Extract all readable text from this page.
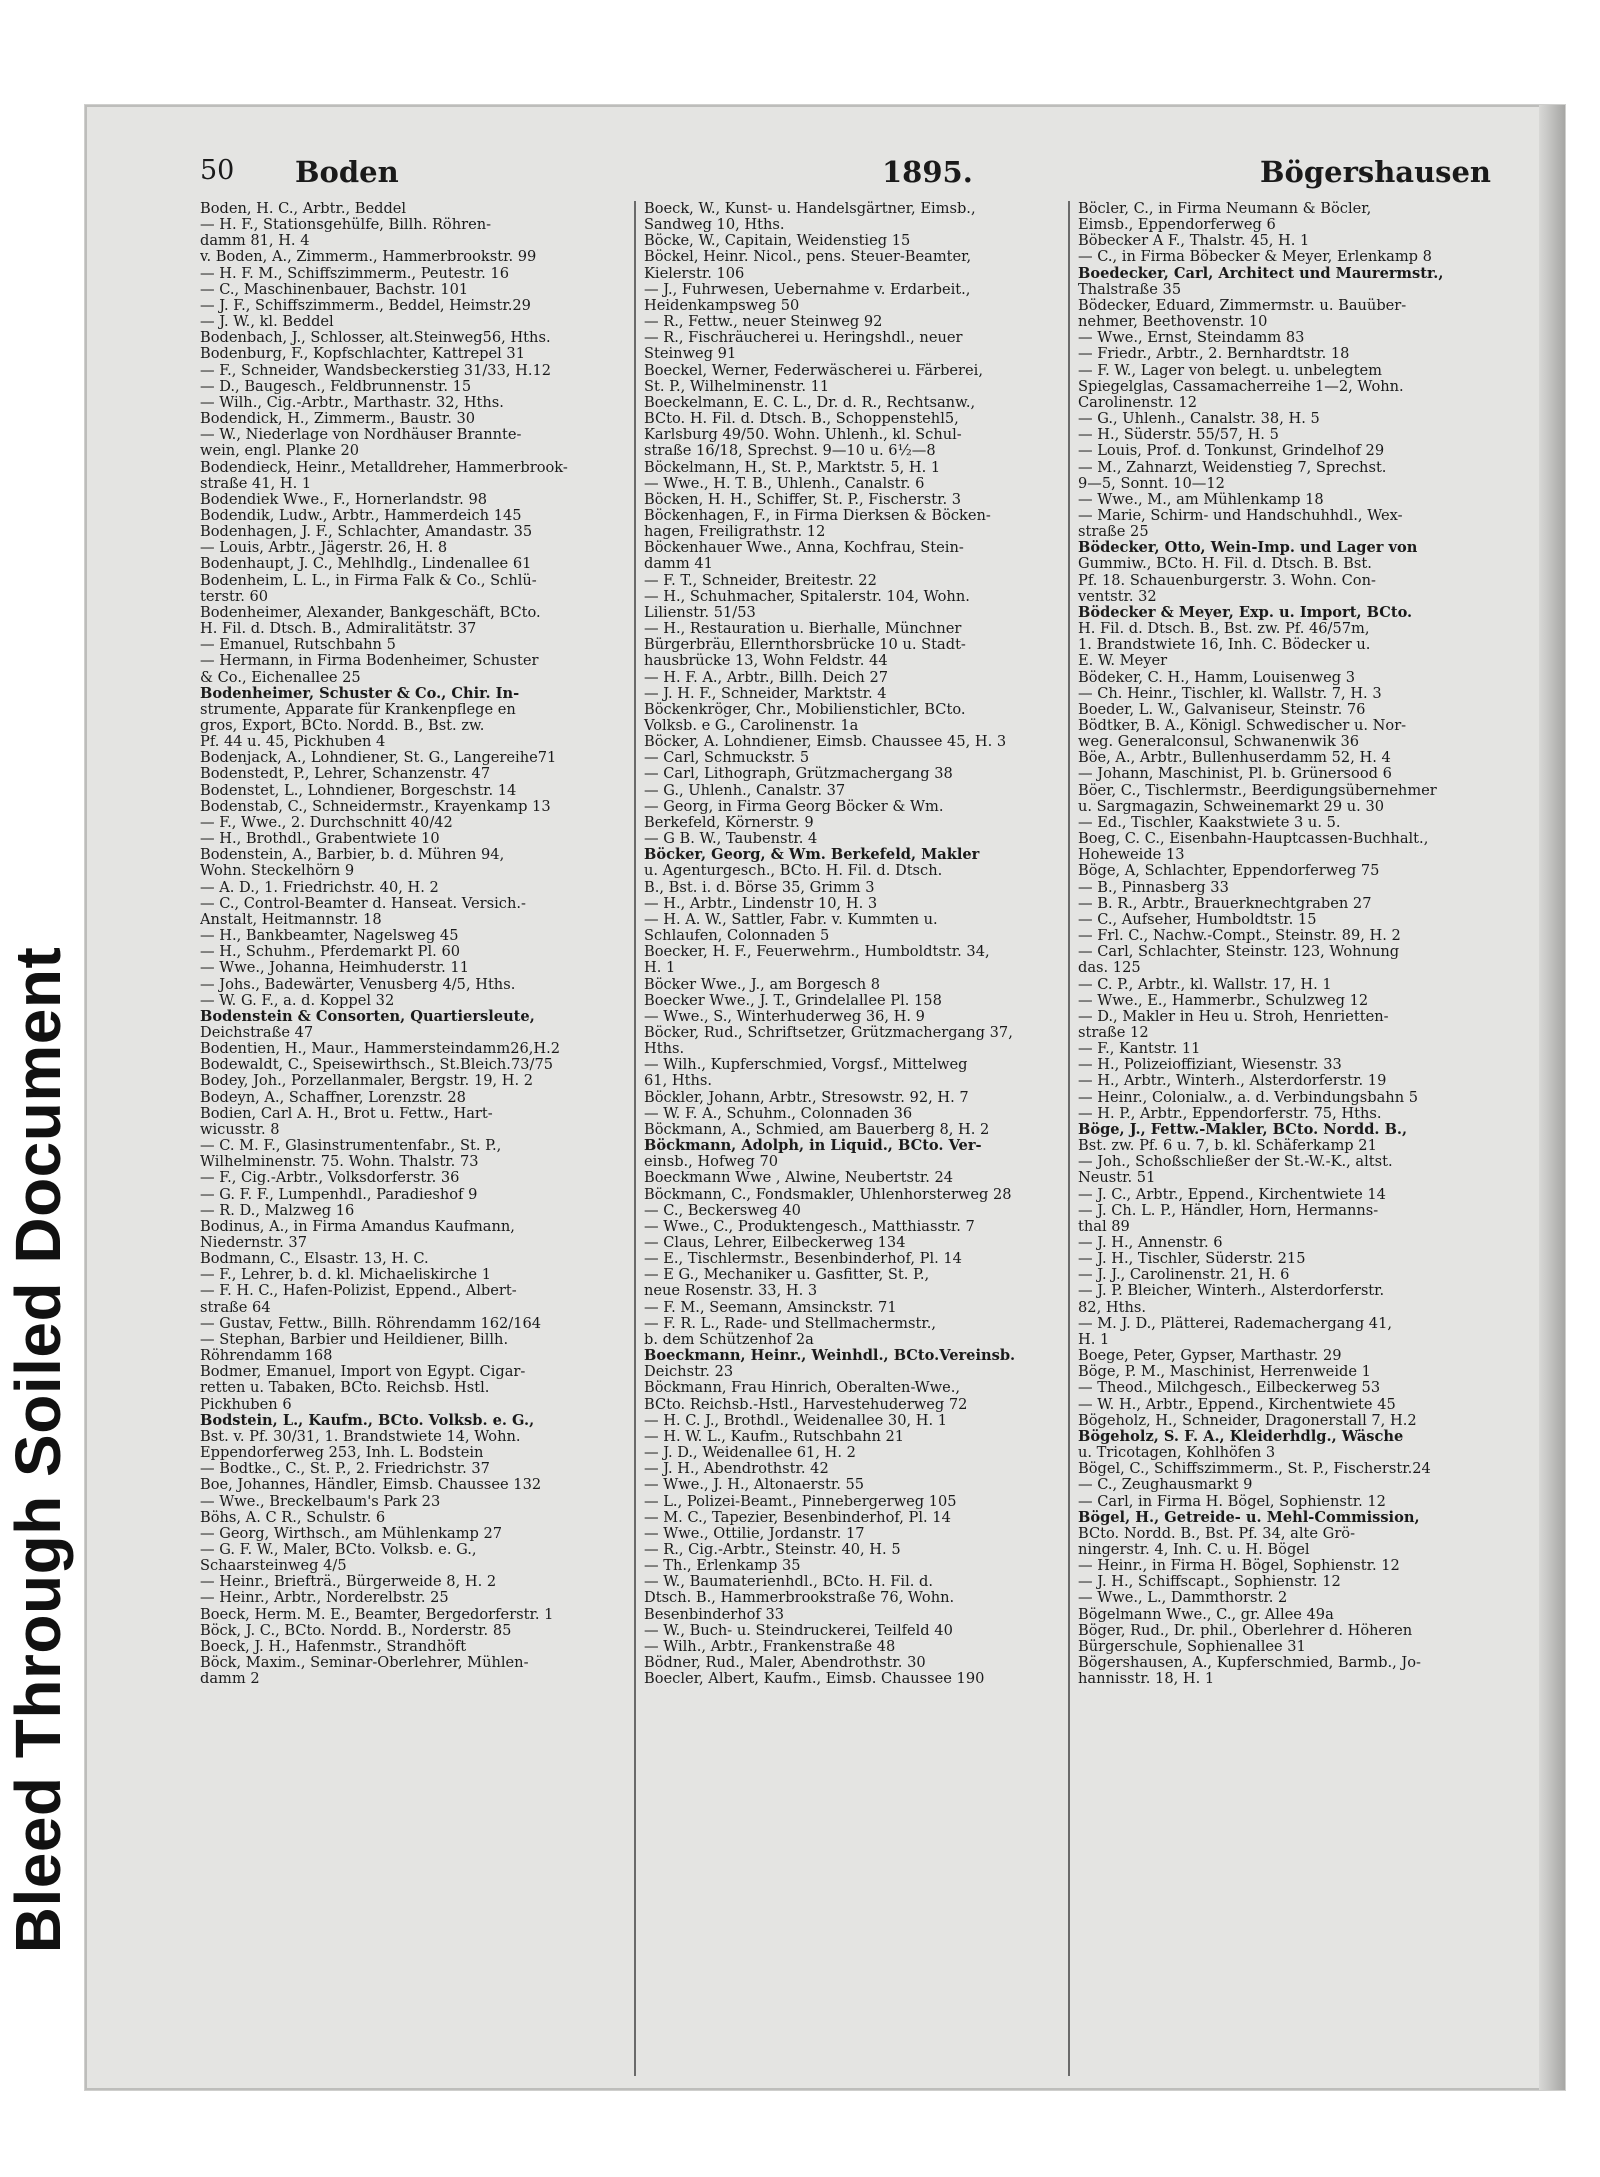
Bleed Through Soiled Document
50 Boden	1895.	Bögershausen
Boden, H. C., Arbtr., Beddel
— H. F., Stationsgehülfe, Billh. Röhren-
damm 81, H. 4
v. Boden, A., Zimmerm., Hammerbrookstr. 99
— H. F. M., Schiffszimmerm., Peutestr. 16
— C., Maschinenbauer, Bachstr. 101
— J. F., Schiffszimmerm., Beddel, Heimstr.29
— J. W., kl. Beddel
Bodenbach, J., Schlosser, alt.Steinweg56, Hths.
Bodenburg, F., Kopfschlachter, Kattrepel 31
— F., Schneider, Wandsbeckerstieg 31/33, H.12
— D., Baugesch., Feldbrunnenstr. 15
— Wilh., Cig.-Arbtr., Marthastr. 32, Hths.
Bodendick, H., Zimmerm., Baustr. 30
— W., Niederlage von Nordhäuser Brannte-
wein, engl. Planke 20
Bodendieck, Heinr., Metalldreher, Hammerbrook-
straße 41, H. 1
Bodendiek Wwe., F., Hornerlandstr. 98
Bodendik, Ludw., Arbtr., Hammerdeich 145
Bodenhagen, J. F., Schlachter, Amandastr. 35
— Louis, Arbtr., Jägerstr. 26, H. 8
Bodenhaupt, J. C., Mehlhdlg., Lindenallee 61
Bodenheim, L. L., in Firma Falk & Co., Schlü-
terstr. 60
Bodenheimer, Alexander, Bankgeschäft, BCto.
H. Fil. d. Dtsch. B., Admiralitätstr. 37
— Emanuel, Rutschbahn 5
— Hermann, in Firma Bodenheimer, Schuster
& Co., Eichenallee 25
Bodenheimer, Schuster & Co., Chir. In-
strumente, Apparate für Krankenpflege en
gros, Export, BCto. Nordd. B., Bst. zw.
Pf. 44 u. 45, Pickhuben 4
Bodenjack, A., Lohndiener, St. G., Langereihe71
Bodenstedt, P., Lehrer, Schanzenstr. 47
Bodenstet, L., Lohndiener, Borgeschstr. 14
Bodenstab, C., Schneidermstr., Krayenkamp 13
— F., Wwe., 2. Durchschnitt 40/42
— H., Brothdl., Grabentwiete 10
Bodenstein, A., Barbier, b. d. Mühren 94,
Wohn. Steckelhörn 9
— A. D., 1. Friedrichstr. 40, H. 2
— C., Control-Beamter d. Hanseat. Versich.-
Anstalt, Heitmannstr. 18
— H., Bankbeamter, Nagelsweg 45
— H., Schuhm., Pferdemarkt Pl. 60
— Wwe., Johanna, Heimhuderstr. 11
— Johs., Badewärter, Venusberg 4/5, Hths.
— W. G. F., a. d. Koppel 32
Bodenstein & Consorten, Quartiersleute,
Deichstraße 47
Bodentien, H., Maur., Hammersteindamm26,H.2
Bodewaldt, C., Speisewirthsch., St.Bleich.73/75
Bodey, Joh., Porzellanmaler, Bergstr. 19, H. 2
Bodeyn, A., Schaffner, Lorenzstr. 28
Bodien, Carl A. H., Brot u. Fettw., Hart-
wicusstr. 8
— C. M. F., Glasinstrumentenfabr., St. P.,
Wilhelminenstr. 75. Wohn. Thalstr. 73
— F., Cig.-Arbtr., Volksdorferstr. 36
— G. F. F., Lumpenhdl., Paradieshof 9
— R. D., Malzweg 16
Bodinus, A., in Firma Amandus Kaufmann,
Niedernstr. 37
Bodmann, C., Elsastr. 13, H. C.
— F., Lehrer, b. d. kl. Michaeliskirche 1
— F. H. C., Hafen-Polizist, Eppend., Albert-
straße 64
— Gustav, Fettw., Billh. Röhrendamm 162/164
— Stephan, Barbier und Heildiener, Billh.
Röhrendamm 168
Bodmer, Emanuel, Import von Egypt. Cigar-
retten u. Tabaken, BCto. Reichsb. Hstl.
Pickhuben 6
Bodstein, L., Kaufm., BCto. Volksb. e. G.,
Bst. v. Pf. 30/31, 1. Brandstwiete 14, Wohn.
Eppendorferweg 253, Inh. L. Bodstein
— Bodtke., C., St. P., 2. Friedrichstr. 37
Boe, Johannes, Händler, Eimsb. Chaussee 132
— Wwe., Breckelbaum's Park 23
Böhs, A. C R., Schulstr. 6
— Georg, Wirthsch., am Mühlenkamp 27
— G. F. W., Maler, BCto. Volksb. e. G.,
Schaarsteinweg 4/5
— Heinr., Briefträ., Bürgerweide 8, H. 2
— Heinr., Arbtr., Norderelbstr. 25
Boeck, Herm. M. E., Beamter, Bergedorferstr. 1
Böck, J. C., BCto. Nordd. B., Norderstr. 85
Boeck, J. H., Hafenmstr., Strandhöft
Böck, Maxim., Seminar-Oberlehrer, Mühlen-
damm 2
Boeck, W., Kunst- u. Handelsgärtner, Eimsb.,
Sandweg 10, Hths.
Böcke, W., Capitain, Weidenstieg 15
Böckel, Heinr. Nicol., pens. Steuer-Beamter,
Kielerstr. 106
— J., Fuhrwesen, Uebernahme v. Erdarbeit.,
Heidenkampsweg 50
— R., Fettw., neuer Steinweg 92
— R., Fischräucherei u. Heringshdl., neuer
Steinweg 91
Boeckel, Werner, Federwäscherei u. Färberei,
St. P., Wilhelminenstr. 11
Boeckelmann, E. C. L., Dr. d. R., Rechtsanw.,
BCto. H. Fil. d. Dtsch. B., Schoppenstehl5,
Karlsburg 49/50. Wohn. Uhlenh., kl. Schul-
straße 16/18, Sprechst. 9—10 u. 6½—8
Böckelmann, H., St. P., Marktstr. 5, H. 1
— Wwe., H. T. B., Uhlenh., Canalstr. 6
Böcken, H. H., Schiffer, St. P., Fischerstr. 3
Böckenhagen, F., in Firma Dierksen & Böcken-
hagen, Freiligrathstr. 12
Böckenhauer Wwe., Anna, Kochfrau, Stein-
damm 41
— F. T., Schneider, Breitestr. 22
— H., Schuhmacher, Spitalerstr. 104, Wohn.
Lilienstr. 51/53
— H., Restauration u. Bierhalle, Münchner
Bürgerbräu, Ellernthorsbrücke 10 u. Stadt-
hausbrücke 13, Wohn Feldstr. 44
— H. F. A., Arbtr., Billh. Deich 27
— J. H. F., Schneider, Marktstr. 4
Böckenkröger, Chr., Mobilienstichler, BCto.
Volksb. e G., Carolinenstr. 1a
Böcker, A. Lohndiener, Eimsb. Chaussee 45, H. 3
— Carl, Schmuckstr. 5
— Carl, Lithograph, Grützmachergang 38
— G., Uhlenh., Canalstr. 37
— Georg, in Firma Georg Böcker & Wm.
Berkefeld, Körnerstr. 9
— G B. W., Taubenstr. 4
Böcker, Georg, & Wm. Berkefeld, Makler
u. Agenturgesch., BCto. H. Fil. d. Dtsch.
B., Bst. i. d. Börse 35, Grimm 3
— H., Arbtr., Lindenstr 10, H. 3
— H. A. W., Sattler, Fabr. v. Kummten u.
Schlaufen, Colonnaden 5
Boecker, H. F., Feuerwehrm., Humboldtstr. 34,
H. 1
Böcker Wwe., J., am Borgesch 8
Boecker Wwe., J. T., Grindelallee Pl. 158
— Wwe., S., Winterhuderweg 36, H. 9
Böcker, Rud., Schriftsetzer, Grützmachergang 37,
Hths.
— Wilh., Kupferschmied, Vorgsf., Mittelweg
61, Hths.
Böckler, Johann, Arbtr., Stresowstr. 92, H. 7
— W. F. A., Schuhm., Colonnaden 36
Böckmann, A., Schmied, am Bauerberg 8, H. 2
Böckmann, Adolph, in Liquid., BCto. Ver-
einsb., Hofweg 70
Boeckmann Wwe , Alwine, Neubertstr. 24
Böckmann, C., Fondsmakler, Uhlenhorsterweg 28
— C., Beckersweg 40
— Wwe., C., Produktengesch., Matthiasstr. 7
— Claus, Lehrer, Eilbeckerweg 134
— E., Tischlermstr., Besenbinderhof, Pl. 14
— E G., Mechaniker u. Gasfitter, St. P.,
neue Rosenstr. 33, H. 3
— F. M., Seemann, Amsinckstr. 71
— F. R. L., Rade- und Stellmachermstr.,
b. dem Schützenhof 2a
Boeckmann, Heinr., Weinhdl., BCto.Vereinsb.
Deichstr. 23
Böckmann, Frau Hinrich, Oberalten-Wwe.,
BCto. Reichsb.-Hstl., Harvestehuderweg 72
— H. C. J., Brothdl., Weidenallee 30, H. 1
— H. W. L., Kaufm., Rutschbahn 21
— J. D., Weidenallee 61, H. 2
— J. H., Abendrothstr. 42
— Wwe., J. H., Altonaerstr. 55
— L., Polizei-Beamt., Pinnebergerweg 105
— M. C., Tapezier, Besenbinderhof, Pl. 14
— Wwe., Ottilie, Jordanstr. 17
— R., Cig.-Arbtr., Steinstr. 40, H. 5
— Th., Erlenkamp 35
— W., Baumaterienhdl., BCto. H. Fil. d.
Dtsch. B., Hammerbrookstraße 76, Wohn.
Besenbinderhof 33
— W., Buch- u. Steindruckerei, Teilfeld 40
— Wilh., Arbtr., Frankenstraße 48
Bödner, Rud., Maler, Abendrothstr. 30
Boecler, Albert, Kaufm., Eimsb. Chaussee 190
Böcler, C., in Firma Neumann & Böcler,
Eimsb., Eppendorferweg 6
Böbecker A F., Thalstr. 45, H. 1
— C., in Firma Böbecker & Meyer, Erlenkamp 8
Boedecker, Carl, Architect und Maurermstr.,
Thalstraße 35
Bödecker, Eduard, Zimmermstr. u. Bauüber-
nehmer, Beethovenstr. 10
— Wwe., Ernst, Steindamm 83
— Friedr., Arbtr., 2. Bernhardtstr. 18
— F. W., Lager von belegt. u. unbelegtem
Spiegelglas, Cassamacherreihe 1—2, Wohn.
Carolinenstr. 12
— G., Uhlenh., Canalstr. 38, H. 5
— H., Süderstr. 55/57, H. 5
— Louis, Prof. d. Tonkunst, Grindelhof 29
— M., Zahnarzt, Weidenstieg 7, Sprechst.
9—5, Sonnt. 10—12
— Wwe., M., am Mühlenkamp 18
— Marie, Schirm- und Handschuhhdl., Wex-
straße 25
Bödecker, Otto, Wein-Imp. und Lager von
Gummiw., BCto. H. Fil. d. Dtsch. B. Bst.
Pf. 18. Schauenburgerstr. 3. Wohn. Con-
ventstr. 32
Bödecker & Meyer, Exp. u. Import, BCto.
H. Fil. d. Dtsch. B., Bst. zw. Pf. 46/57m,
1. Brandstwiete 16, Inh. C. Bödecker u.
E. W. Meyer
Bödeker, C. H., Hamm, Louisenweg 3
— Ch. Heinr., Tischler, kl. Wallstr. 7, H. 3
Boeder, L. W., Galvaniseur, Steinstr. 76
Bödtker, B. A., Königl. Schwedischer u. Nor-
weg. Generalconsul, Schwanenwik 36
Böe, A., Arbtr., Bullenhuserdamm 52, H. 4
— Johann, Maschinist, Pl. b. Grünersood 6
Böer, C., Tischlermstr., Beerdigungsübernehmer
u. Sargmagazin, Schweinemarkt 29 u. 30
— Ed., Tischler, Kaakstwiete 3 u. 5.
Boeg, C. C., Eisenbahn-Hauptcassen-Buchhalt.,
Hoheweide 13
Böge, A, Schlachter, Eppendorferweg 75
— B., Pinnasberg 33
— B. R., Arbtr., Brauerknechtgraben 27
— C., Aufseher, Humboldtstr. 15
— Frl. C., Nachw.-Compt., Steinstr. 89, H. 2
— Carl, Schlachter, Steinstr. 123, Wohnung
das. 125
— C. P., Arbtr., kl. Wallstr. 17, H. 1
— Wwe., E., Hammerbr., Schulzweg 12
— D., Makler in Heu u. Stroh, Henrietten-
straße 12
— F., Kantstr. 11
— H., Polizeioffiziant, Wiesenstr. 33
— H., Arbtr., Winterh., Alsterdorferstr. 19
— Heinr., Colonialw., a. d. Verbindungsbahn 5
— H. P., Arbtr., Eppendorferstr. 75, Hths.
Böge, J., Fettw.-Makler, BCto. Nordd. B.,
Bst. zw. Pf. 6 u. 7, b. kl. Schäferkamp 21
— Joh., Schoßschließer der St.-W.-K., altst.
Neustr. 51
— J. C., Arbtr., Eppend., Kirchentwiete 14
— J. Ch. L. P., Händler, Horn, Hermanns-
thal 89
— J. H., Annenstr. 6
— J. H., Tischler, Süderstr. 215
— J. J., Carolinenstr. 21, H. 6
— J. P. Bleicher, Winterh., Alsterdorferstr.
82, Hths.
— M. J. D., Plätterei, Rademachergang 41,
H. 1
Boege, Peter, Gypser, Marthastr. 29
Böge, P. M., Maschinist, Herrenweide 1
— Theod., Milchgesch., Eilbeckerweg 53
— W. H., Arbtr., Eppend., Kirchentwiete 45
Bögeholz, H., Schneider, Dragonerstall 7, H.2
Bögeholz, S. F. A., Kleiderhdlg., Wäsche
u. Tricotagen, Kohlhöfen 3
Bögel, C., Schiffszimmerm., St. P., Fischerstr.24
— C., Zeughausmarkt 9
— Carl, in Firma H. Bögel, Sophienstr. 12
Bögel, H., Getreide- u. Mehl-Commission,
BCto. Nordd. B., Bst. Pf. 34, alte Grö-
ningerstr. 4, Inh. C. u. H. Bögel
— Heinr., in Firma H. Bögel, Sophienstr. 12
— J. H., Schiffscapt., Sophienstr. 12
— Wwe., L., Dammthorstr. 2
Bögelmann Wwe., C., gr. Allee 49a
Böger, Rud., Dr. phil., Oberlehrer d. Höheren
Bürgerschule, Sophienallee 31
Bögershausen, A., Kupferschmied, Barmb., Jo-
hannisstr. 18, H. 1
